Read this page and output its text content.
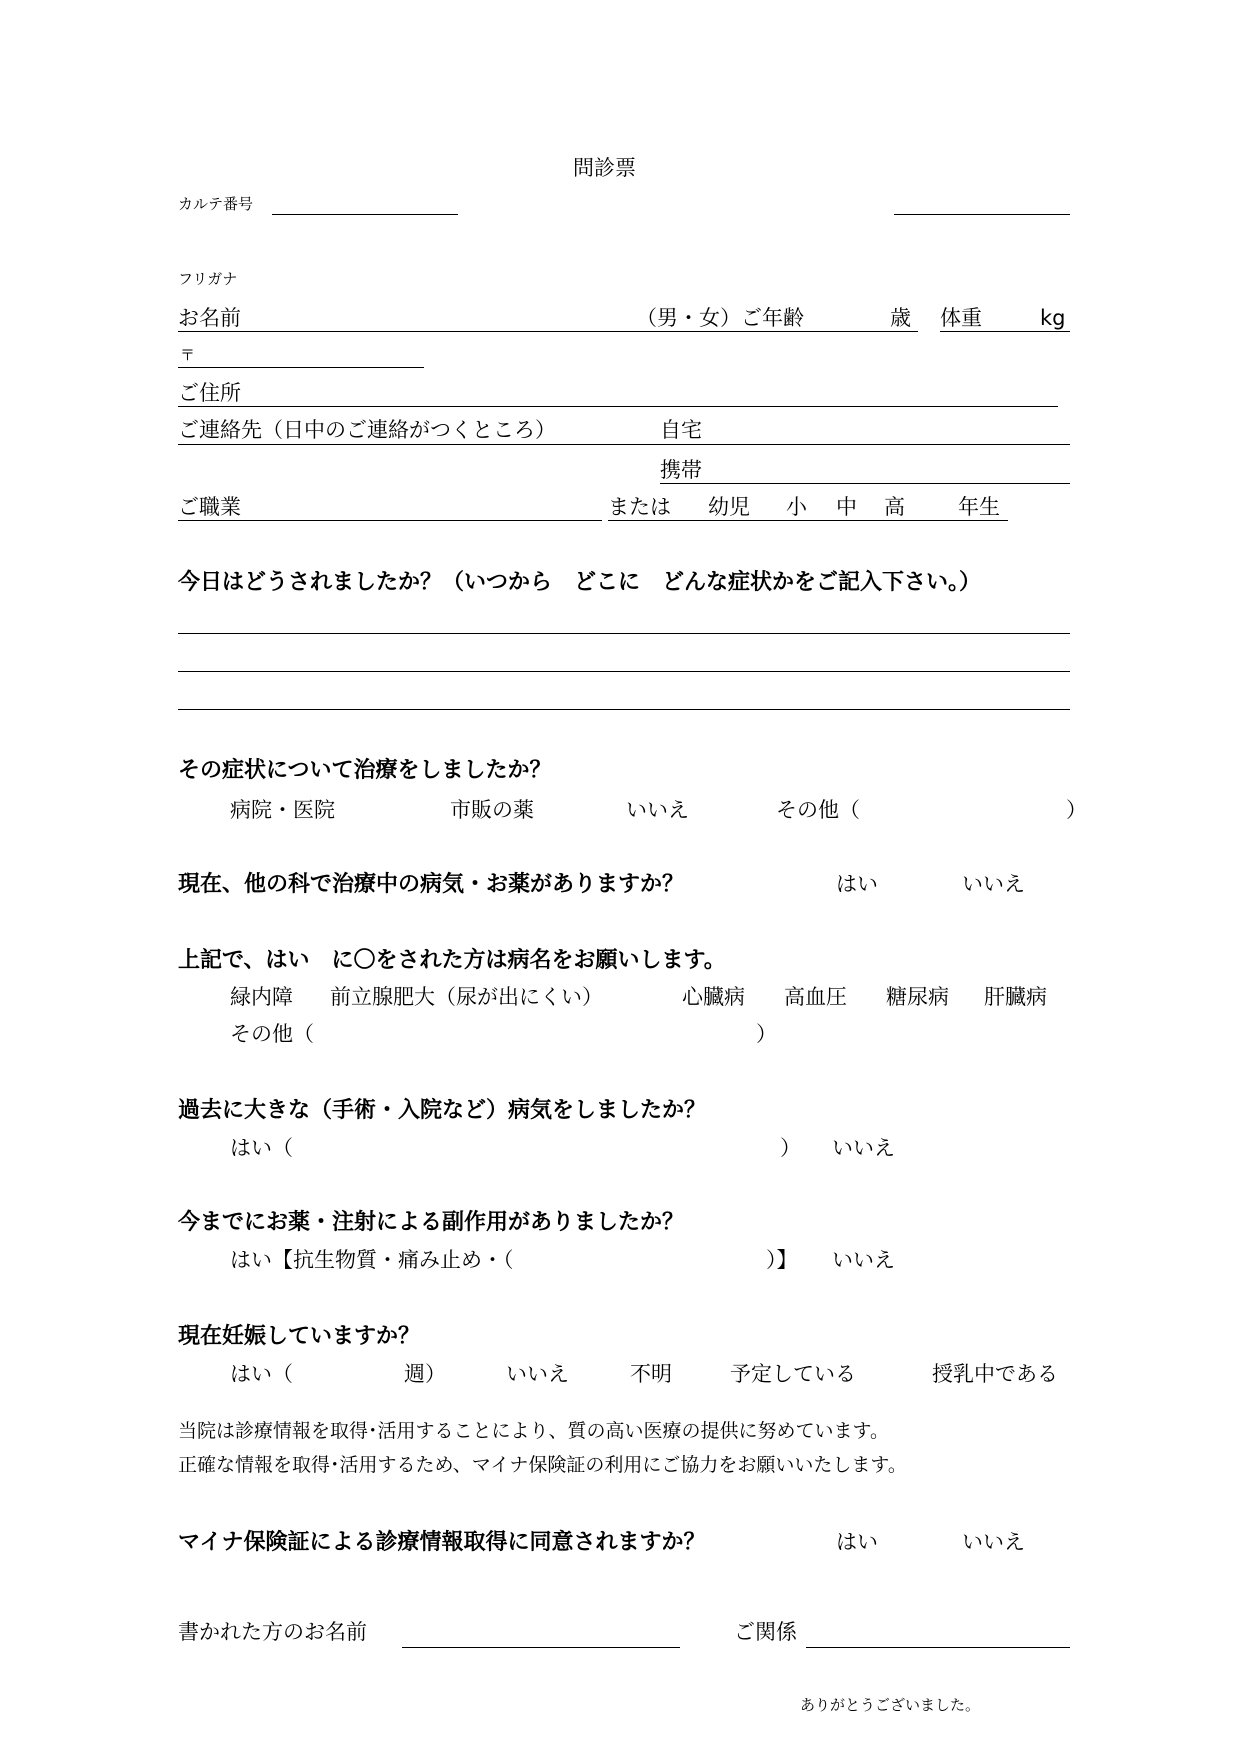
問診票
カルテ番号
フリガナ
お名前	（男・女）ご年齢	歳 体重	kg
〒
ご住所
ご連絡先（日中のご連絡がつくところ）	自宅
携帯
ご職業	または 幼児 小 中 高	年生
今日はどうされましたか？（いつから　どこに　どんな症状かをご記入下さい。）
その症状について治療をしましたか？
病院・医院	市販の薬	いいえ	その他（	）
現在、他の科で治療中の病気・お薬がありますか？	はい	いいえ
上記で、はい　に〇をされた方は病名をお願いします。
緑内障 前立腺肥大（尿が出にくい）	心臓病 高血圧 糖尿病 肝臓病
その他（	）
過去に大きな（手術・入院など）病気をしましたか？
はい（	） いいえ
今までにお薬・注射による副作用がありましたか？
はい【抗生物質・痛み止め・（	）】 いいえ
現在妊娠していますか？
はい（	週）	いいえ	不明	予定している	授乳中である
当院は診療情報を取得･活用することにより、質の高い医療の提供に努めています。
正確な情報を取得･活用するため、マイナ保険証の利用にご協力をお願いいたします。
マイナ保険証による診療情報取得に同意されますか？	はい	いいえ
書かれた方のお名前	ご関係
ありがとうございました。
